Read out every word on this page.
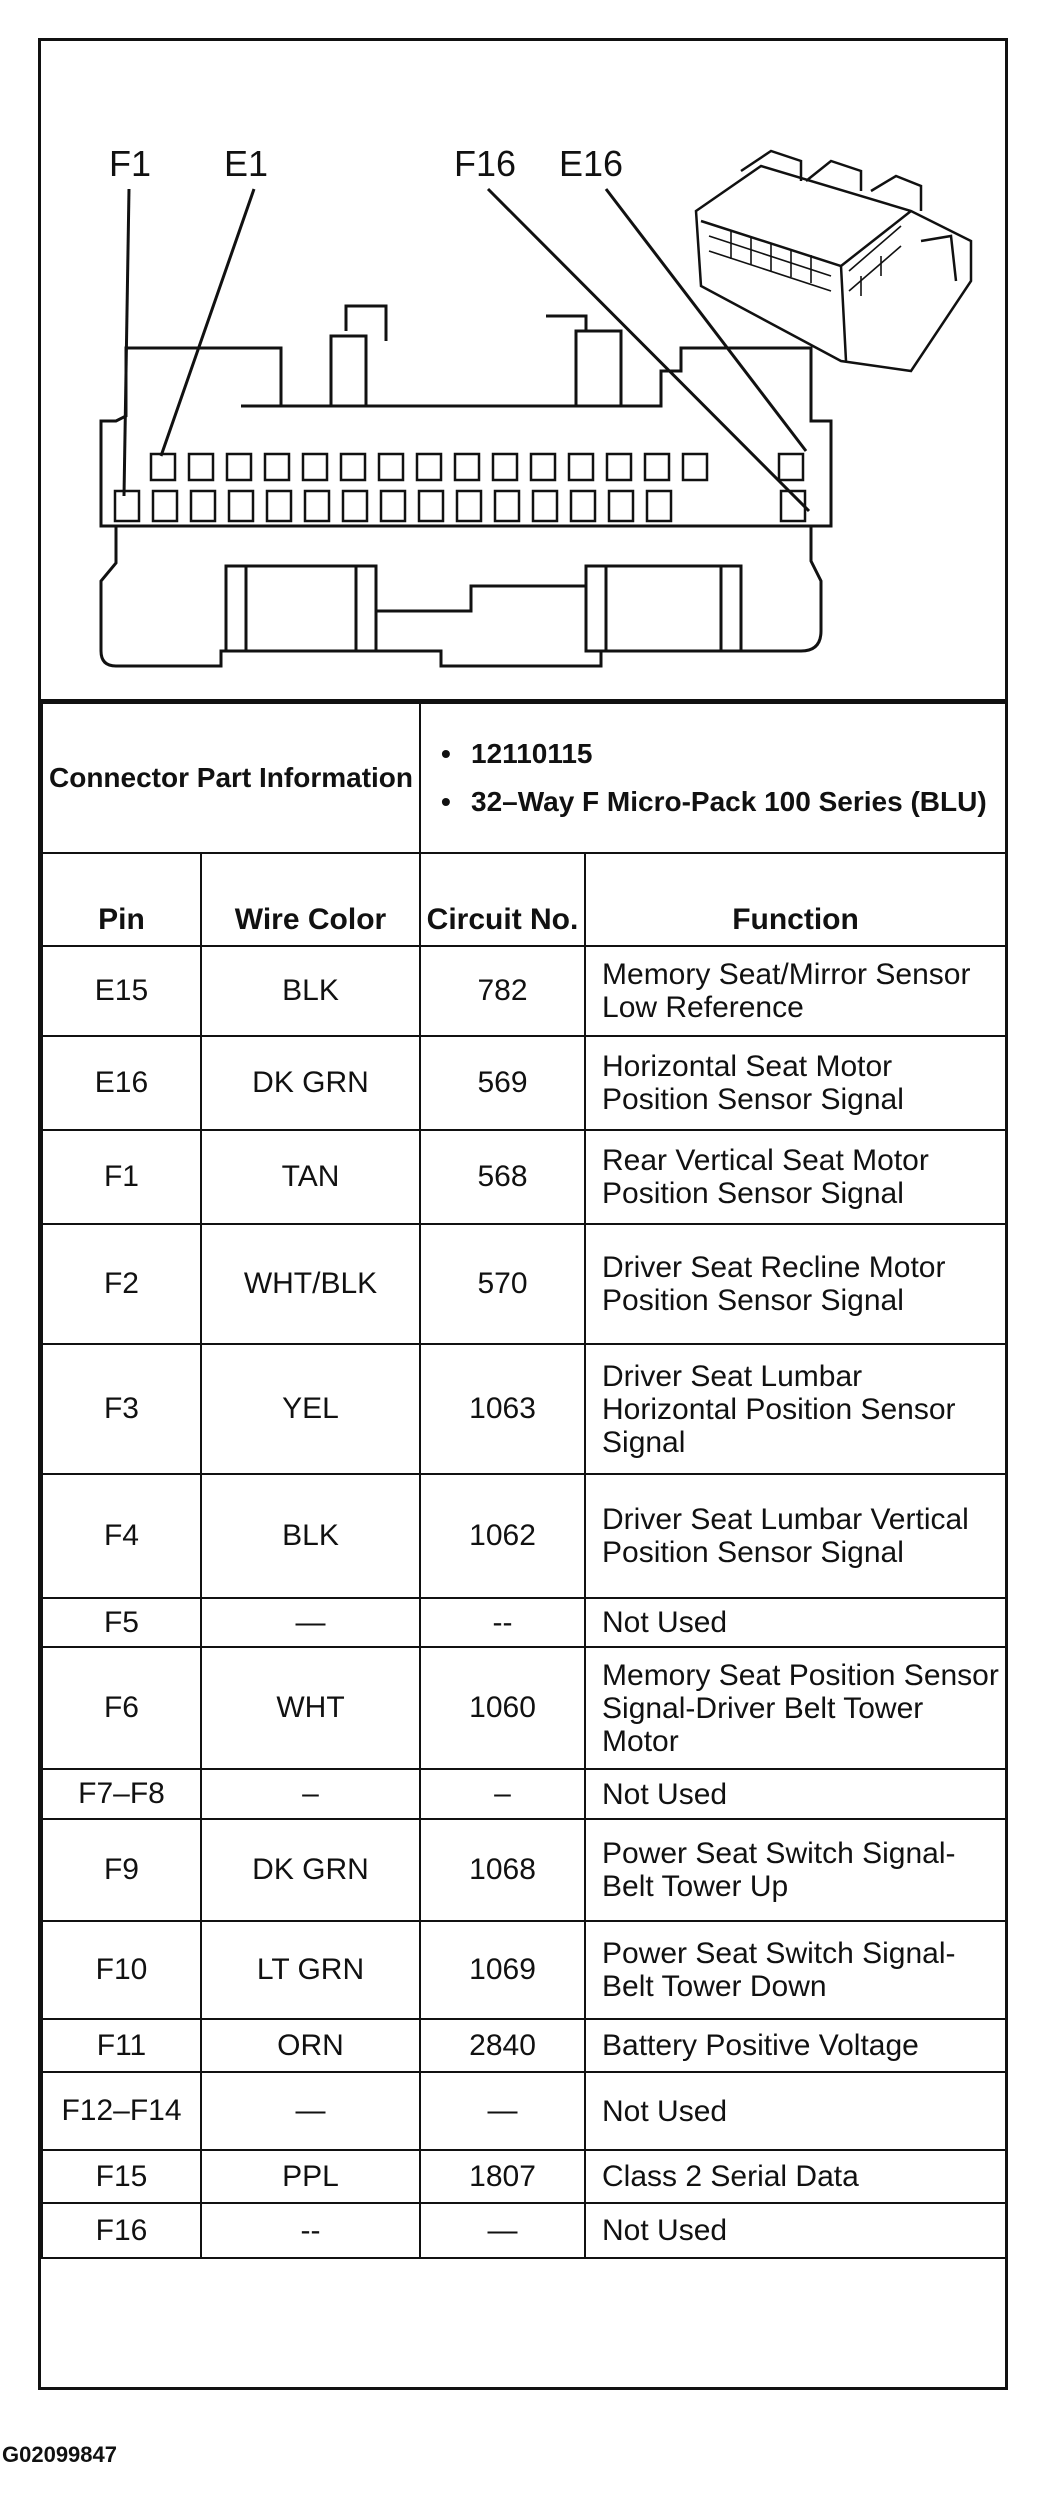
F1 E1	F16 E16
Connector Part Information		• 12110115
• 32–Way F Micro-Pack 100 Series (BLU)	

Pin	Wire Color	Circuit No.	Function
E15	BLK	782	Memory Seat/Mirror Sensor Low Reference
E16	DK GRN	569	Horizontal Seat Motor Position Sensor Signal
F1	TAN	568	Rear Vertical Seat Motor Position Sensor Signal
F2	WHT/BLK	570	Driver Seat Recline Motor Position Sensor Signal
F3	YEL	1063	Driver Seat Lumbar Horizontal Position Sensor Signal
F4	BLK	1062	Driver Seat Lumbar Vertical Position Sensor Signal
F5	—	--	Not Used
F6	WHT	1060	Memory Seat Position Sensor Signal-Driver Belt Tower Motor
F7–F8	–	–	Not Used
F9	DK GRN	1068	Power Seat Switch Signal-Belt Tower Up
F10	LT GRN	1069	Power Seat Switch Signal-Belt Tower Down
F11	ORN	2840	Battery Positive Voltage
F12–F14	—	—	Not Used
F15	PPL	1807	Class 2 Serial Data
F16	--	—	Not Used
G02099847
